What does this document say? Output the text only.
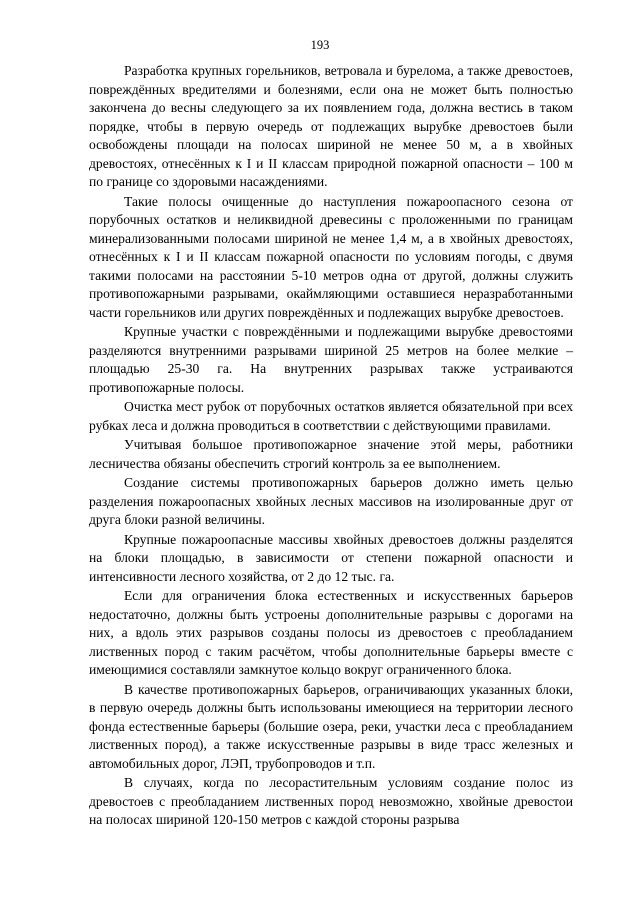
193

Разработка крупных горельников, ветровала и бурелома, а также древостоев, повреждённых вредителями и болезнями, если она не может быть полностью закончена до весны следующего за их появлением года, должна вестись в таком порядке, чтобы в первую очередь от подлежащих вырубке древостоев были освобождены площади на полосах шириной не менее 50 м, а в хвойных древостоях, отнесённых к I и II классам природной пожарной опасности – 100 м по границе со здоровыми насаждениями.

Такие полосы очищенные до наступления пожароопасного сезона от порубочных остатков и неликвидной древесины с проложенными по границам минерализованными полосами шириной не менее 1,4 м, а в хвойных древостоях, отнесённых к I и II классам пожарной опасности по условиям погоды, с двумя такими полосами на расстоянии 5-10 метров одна от другой, должны служить противопожарными разрывами, окаймляющими оставшиеся неразработанными части горельников или других повреждённых и подлежащих вырубке древостоев.

Крупные участки с повреждёнными и подлежащими вырубке древостоями разделяются внутренними разрывами шириной 25 метров на более мелкие – площадью 25-30 га. На внутренних разрывах также устраиваются противопожарные полосы.

Очистка мест рубок от порубочных остатков является обязательной при всех рубках леса и должна проводиться в соответствии с действующими правилами.

Учитывая большое противопожарное значение этой меры, работники лесничества обязаны обеспечить строгий контроль за ее выполнением.

Создание системы противопожарных барьеров должно иметь целью разделения пожароопасных хвойных лесных массивов на изолированные друг от друга блоки разной величины.

Крупные пожароопасные массивы хвойных древостоев должны разделятся на блоки площадью, в зависимости от степени пожарной опасности и интенсивности лесного хозяйства, от 2 до 12 тыс. га.

Если для ограничения блока естественных и искусственных барьеров недостаточно, должны быть устроены дополнительные разрывы с дорогами на них, а вдоль этих разрывов созданы полосы из древостоев с преобладанием лиственных пород с таким расчётом, чтобы дополнительные барьеры вместе с имеющимися составляли замкнутое кольцо вокруг ограниченного блока.

В качестве противопожарных барьеров, ограничивающих указанных блоки, в первую очередь должны быть использованы имеющиеся на территории лесного фонда естественные барьеры (большие озера, реки, участки леса с преобладанием лиственных пород), а также искусственные разрывы в виде трасс железных и автомобильных дорог, ЛЭП, трубопроводов и т.п.

В случаях, когда по лесорастительным условиям создание полос из древостоев с преобладанием лиственных пород невозможно, хвойные древостои на полосах шириной 120-150 метров с каждой стороны разрыва
